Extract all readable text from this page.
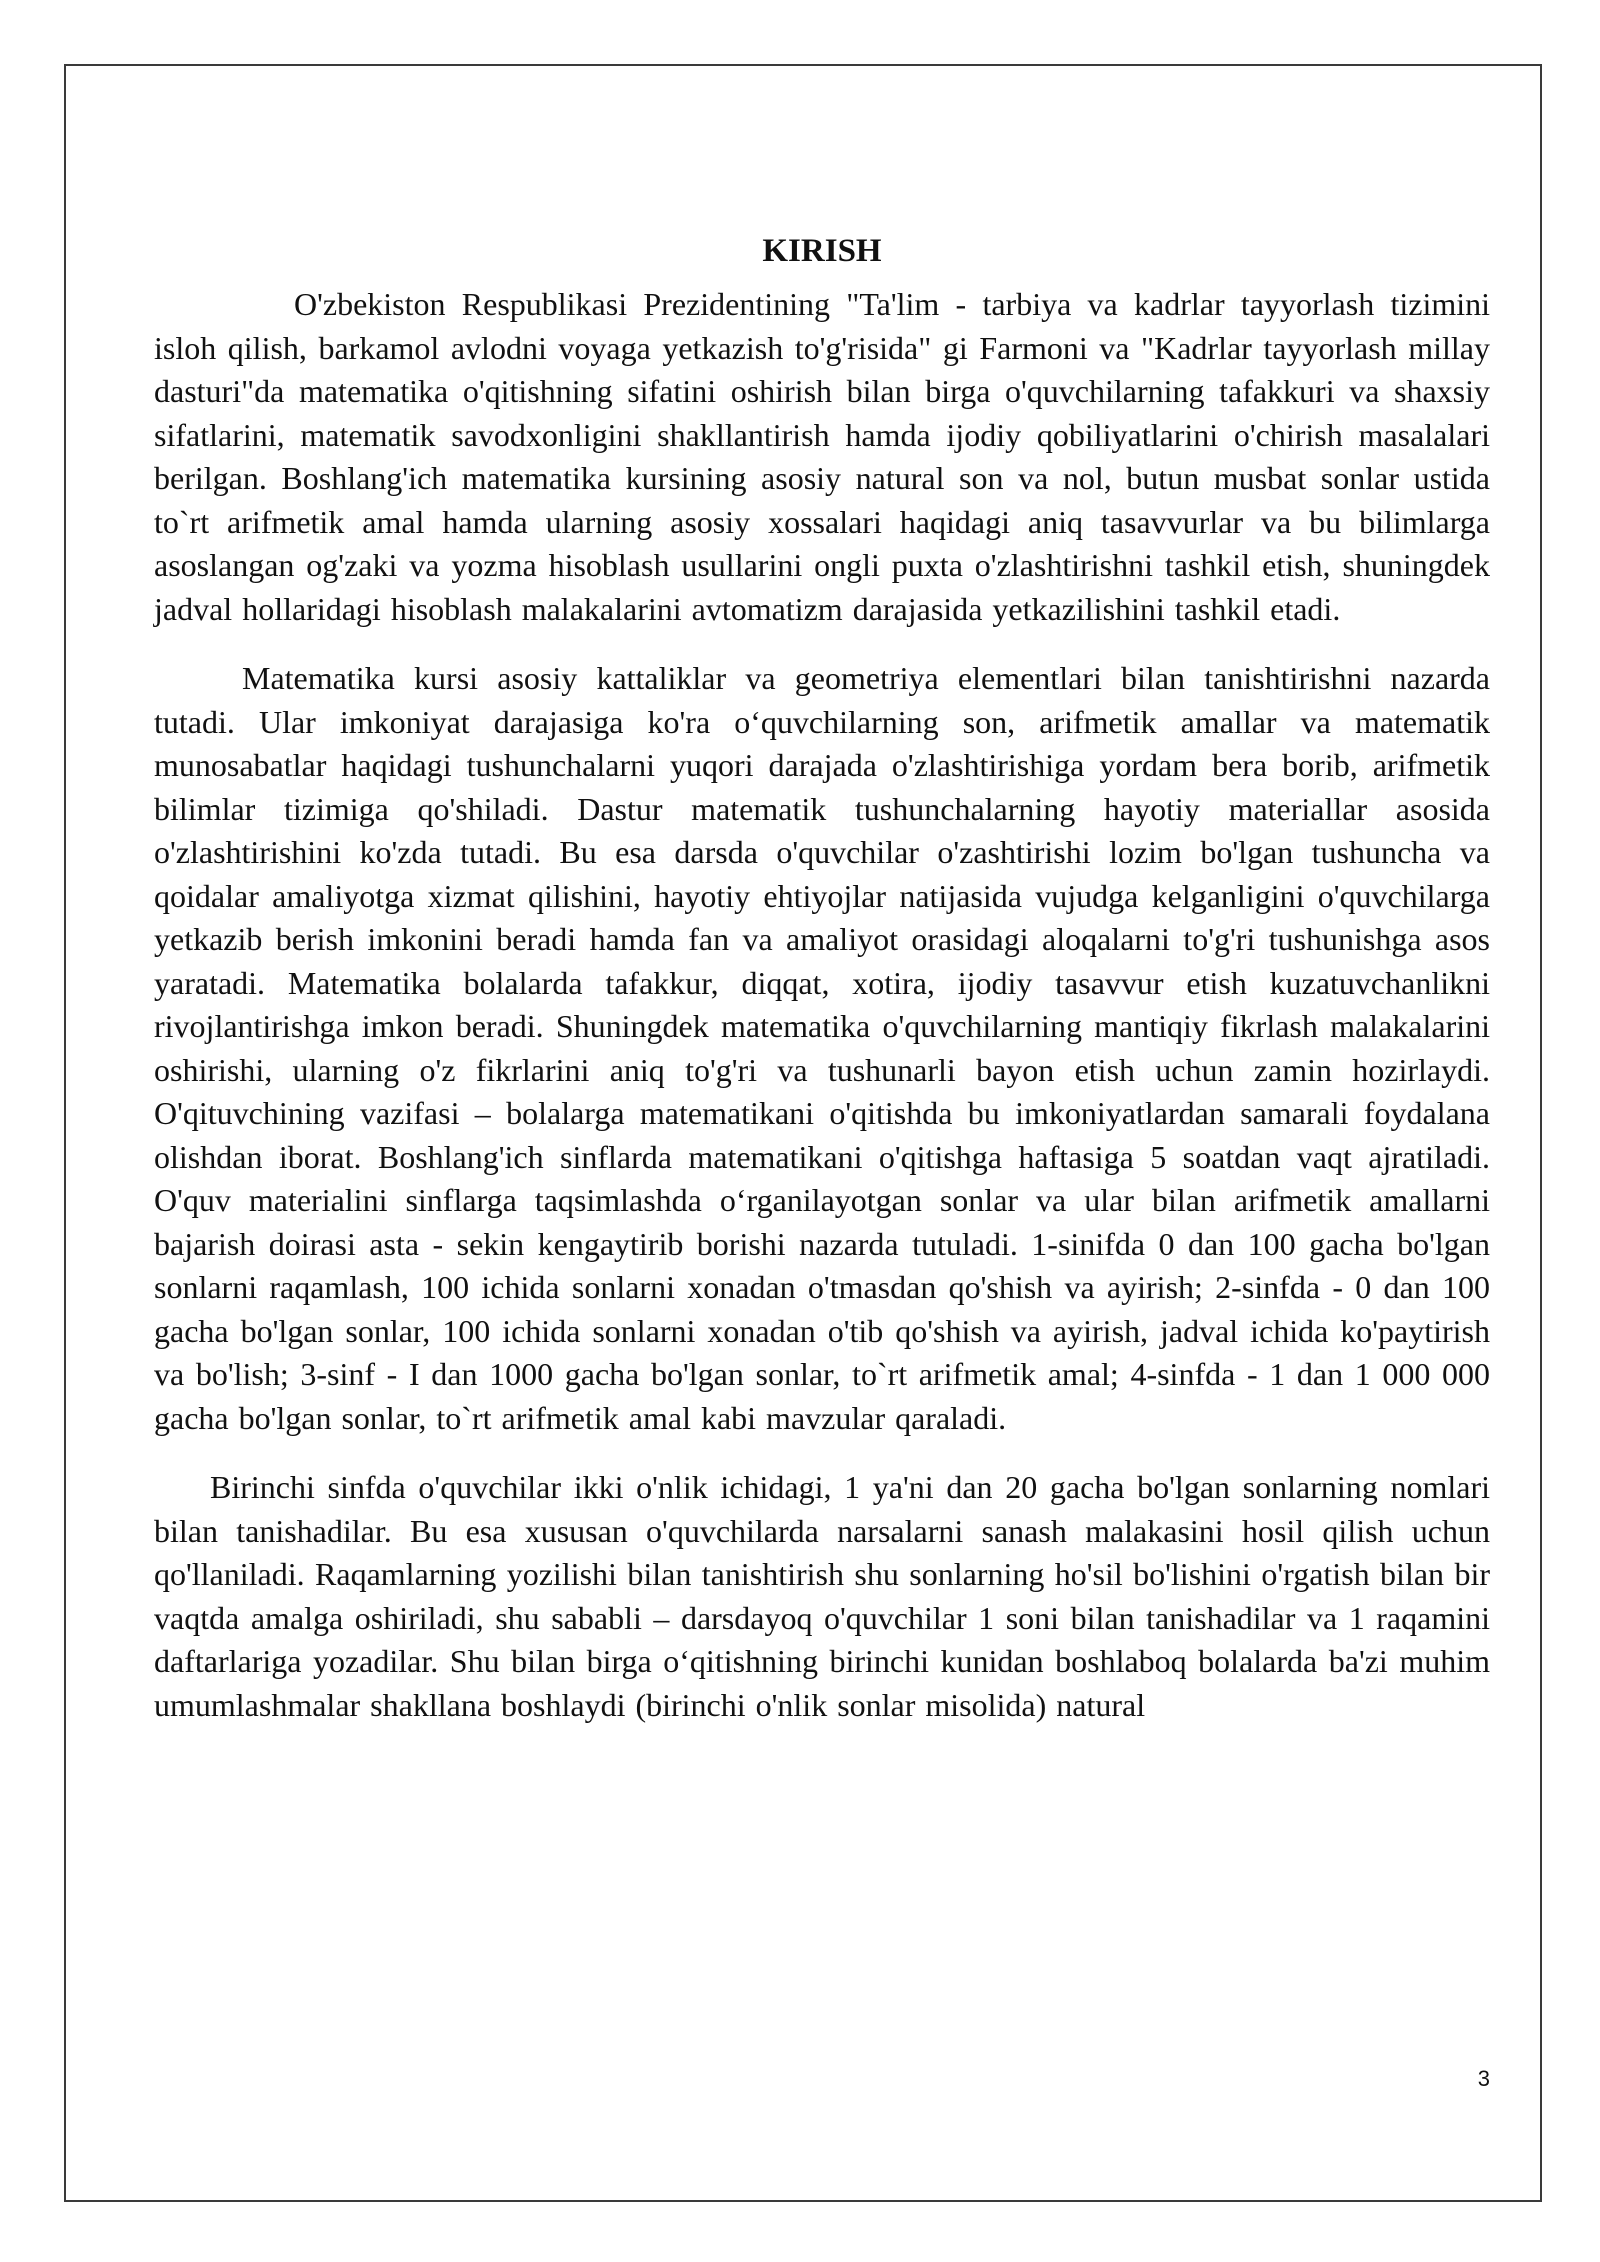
KIRISH

O'zbekiston Respublikasi Prezidentining "Ta'lim - tarbiya va kadrlar tayyorlash tizimini isloh qilish, barkamol avlodni voyaga yetkazish to'g'risida" gi Farmoni va "Kadrlar tayyorlash millay dasturi"da matematika o'qitishning sifatini oshirish bilan birga o'quvchilarning tafakkuri va shaxsiy sifatlarini, matematik savodxonligini shakllantirish hamda ijodiy qobiliyatlarini o'chirish masalalari berilgan. Boshlang'ich matematika kursining asosiy natural son va nol, butun musbat sonlar ustida to`rt arifmetik amal hamda ularning asosiy xossalari haqidagi aniq tasavvurlar va bu bilimlarga asoslangan og'zaki va yozma hisoblash usullarini ongli puxta o'zlashtirishni tashkil etish, shuningdek jadval hollaridagi hisoblash malakalarini avtomatizm darajasida yetkazilishini tashkil etadi.

Matematika kursi asosiy kattaliklar va geometriya elementlari bilan tanishtirishni nazarda tutadi. Ular imkoniyat darajasiga ko'ra o‘quvchilarning son, arifmetik amallar va matematik munosabatlar haqidagi tushunchalarni yuqori darajada o'zlashtirishiga yordam bera borib, arifmetik bilimlar tizimiga qo'shiladi. Dastur matematik tushunchalarning hayotiy materiallar asosida o'zlashtirishini ko'zda tutadi. Bu esa darsda o'quvchilar o'zashtirishi lozim bo'lgan tushuncha va qoidalar amaliyotga xizmat qilishini, hayotiy ehtiyojlar natijasida vujudga kelganligini o'quvchilarga yetkazib berish imkonini beradi hamda fan va amaliyot orasidagi aloqalarni to'g'ri tushunishga asos yaratadi. Matematika bolalarda tafakkur, diqqat, xotira, ijodiy tasavvur etish kuzatuvchanlikni rivojlantirishga imkon beradi. Shuningdek matematika o'quvchilarning mantiqiy fikrlash malakalarini oshirishi, ularning o'z fikrlarini aniq to'g'ri va tushunarli bayon etish uchun zamin hozirlaydi. O'qituvchining vazifasi – bolalarga matematikani o'qitishda bu imkoniyatlardan samarali foydalana olishdan iborat. Boshlang'ich sinflarda matematikani o'qitishga haftasiga 5 soatdan vaqt ajratiladi. O'quv materialini sinflarga taqsimlashda o‘rganilayotgan sonlar va ular bilan arifmetik amallarni bajarish doirasi asta - sekin kengaytirib borishi nazarda tutuladi. 1-sinifda 0 dan 100 gacha bo'lgan sonlarni raqamlash, 100 ichida sonlarni xonadan o'tmasdan qo'shish va ayirish; 2-sinfda - 0 dan 100 gacha bo'lgan sonlar, 100 ichida sonlarni xonadan o'tib qo'shish va ayirish, jadval ichida ko'paytirish va bo'lish; 3-sinf - I dan 1000 gacha bo'lgan sonlar, to`rt arifmetik amal; 4-sinfda - 1 dan 1 000 000 gacha bo'lgan sonlar, to`rt arifmetik amal kabi mavzular qaraladi.

Birinchi sinfda o'quvchilar ikki o'nlik ichidagi, 1 ya'ni dan 20 gacha bo'lgan sonlarning nomlari bilan tanishadilar. Bu esa xususan o'quvchilarda narsalarni sanash malakasini hosil qilish uchun qo'llaniladi. Raqamlarning yozilishi bilan tanishtirish shu sonlarning ho'sil bo'lishini o'rgatish bilan bir vaqtda amalga oshiriladi, shu sababli – darsdayoq o'quvchilar 1 soni bilan tanishadilar va 1 raqamini daftarlariga yozadilar. Shu bilan birga o‘qitishning birinchi kunidan boshlaboq bolalarda ba'zi muhim umumlashmalar shakllana boshlaydi (birinchi o'nlik sonlar misolida) natural

3
